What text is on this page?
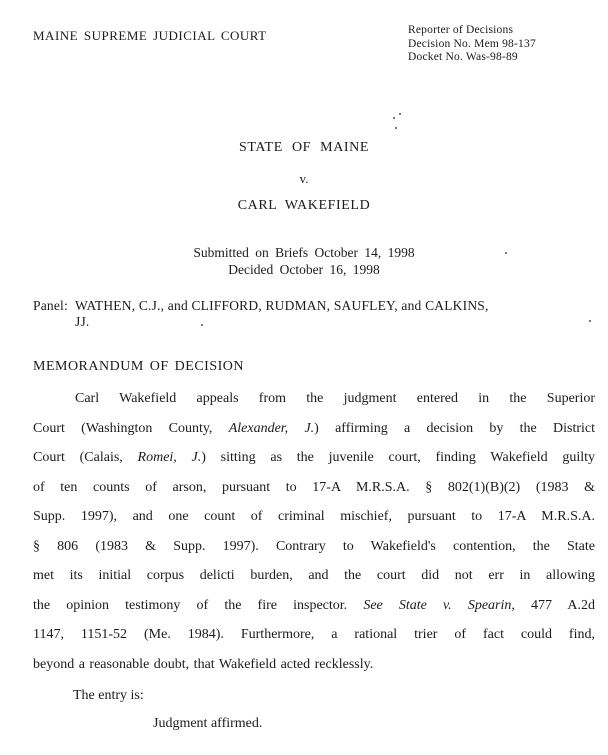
MAINE SUPREME JUDICIAL COURT	Reporter of Decisions
Decision No. Mem 98-137
Docket No. Was-98-89
STATE OF MAINE
v.
CARL WAKEFIELD
Submitted on Briefs October 14, 1998
Decided October 16, 1998
Panel: WATHEN, C.J., and CLIFFORD, RUDMAN, SAUFLEY, and CALKINS,
JJ.
MEMORANDUM OF DECISION
Carl Wakefield appeals from the judgment entered in the Superior
Court (Washington County, Alexander, J.) affirming a decision by the District
Court (Calais, Romei, J.) sitting as the juvenile court, finding Wakefield guilty
of ten counts of arson, pursuant to 17-A M.R.S.A. § 802(1)(B)(2) (1983 &
Supp. 1997), and one count of criminal mischief, pursuant to 17-A M.R.S.A.
§ 806 (1983 & Supp. 1997). Contrary to Wakefield's contention, the State
met its initial corpus delicti burden, and the court did not err in allowing
the opinion testimony of the fire inspector. See State v. Spearin, 477 A.2d
1147, 1151-52 (Me. 1984). Furthermore, a rational trier of fact could find,
beyond a reasonable doubt, that Wakefield acted recklessly.
The entry is:
Judgment affirmed.
